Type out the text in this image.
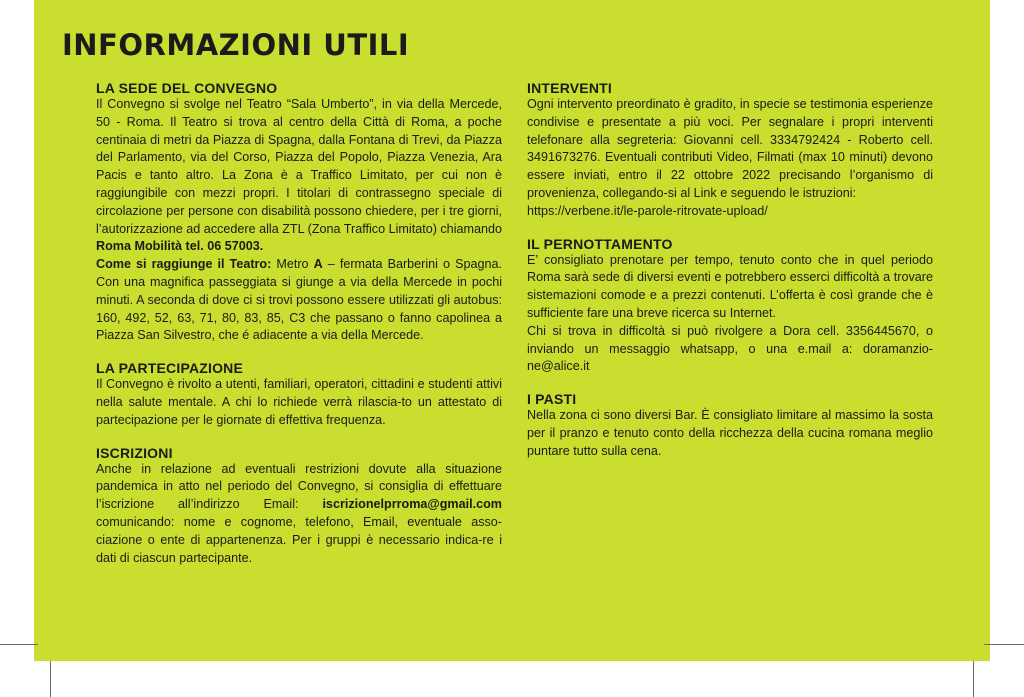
INFORMAZIONI UTILI
LA SEDE DEL CONVEGNO

Il Convegno si svolge nel Teatro “Sala Umberto”, in via della Mercede, 50 - Roma. Il Teatro si trova al centro della Città di Roma, a poche centinaia di metri da Piazza di Spagna, dalla Fontana di Trevi, da Piazza del Parlamento, via del Corso, Piazza del Popolo, Piazza Venezia, Ara Pacis e tanto altro. La Zona è a Traffico Limitato, per cui non è raggiungibile con mezzi propri. I titolari di contrassegno speciale di circolazione per persone con disabilità possono chiedere, per i tre giorni, l’autorizzazione ad accedere alla ZTL (Zona Traffico Limitato) chiamando Roma Mobilità tel. 06 57003.

Come si raggiunge il Teatro: Metro A – fermata Barberini o Spagna. Con una magnifica passeggiata si giunge a via della Mercede in pochi minuti. A seconda di dove ci si trovi possono essere utilizzati gli autobus: 160, 492, 52, 63, 71, 80, 83, 85, C3 che passano o fanno capolinea a Piazza San Silvestro, che é adiacente a via della Mercede.

LA PARTECIPAZIONE

Il Convegno è rivolto a utenti, familiari, operatori, cittadini e studenti attivi nella salute mentale. A chi lo richiede verrà rilascia-to un attestato di partecipazione per le giornate di effettiva frequenza.

ISCRIZIONI

Anche in relazione ad eventuali restrizioni dovute alla situazione pandemica in atto nel periodo del Convegno, si consiglia di effettuare l’iscrizione all’indirizzo Email: iscrizionelprroma@gmail.com comunicando: nome e cognome, telefono, Email, eventuale asso-ciazione o ente di appartenenza. Per i gruppi è necessario indica-re i dati di ciascun partecipante.

INTERVENTI

Ogni intervento preordinato è gradito, in specie se testimonia esperienze condivise e presentate a più voci. Per segnalare i propri interventi telefonare alla segreteria: Giovanni cell. 3334792424 - Roberto cell. 3491673276. Eventuali contributi Video, Filmati (max 10 minuti) devono essere inviati, entro il 22 ottobre 2022 precisando l’organismo di provenienza, collegando-si al Link e seguendo le istruzioni:

https://verbene.it/le-parole-ritrovate-upload/

IL PERNOTTAMENTO

E’ consigliato prenotare per tempo, tenuto conto che in quel periodo Roma sarà sede di diversi eventi e potrebbero esserci difficoltà a trovare sistemazioni comode e a prezzi contenuti. L’offerta è così grande che è sufficiente fare una breve ricerca su Internet.

Chi si trova in difficoltà si può rivolgere a Dora cell. 3356445670, o inviando un messaggio whatsapp, o una e.mail a: doramanzio-ne@alice.it

I PASTI

Nella zona ci sono diversi Bar. È consigliato limitare al massimo la sosta per il pranzo e tenuto conto della ricchezza della cucina romana meglio puntare tutto sulla cena.
